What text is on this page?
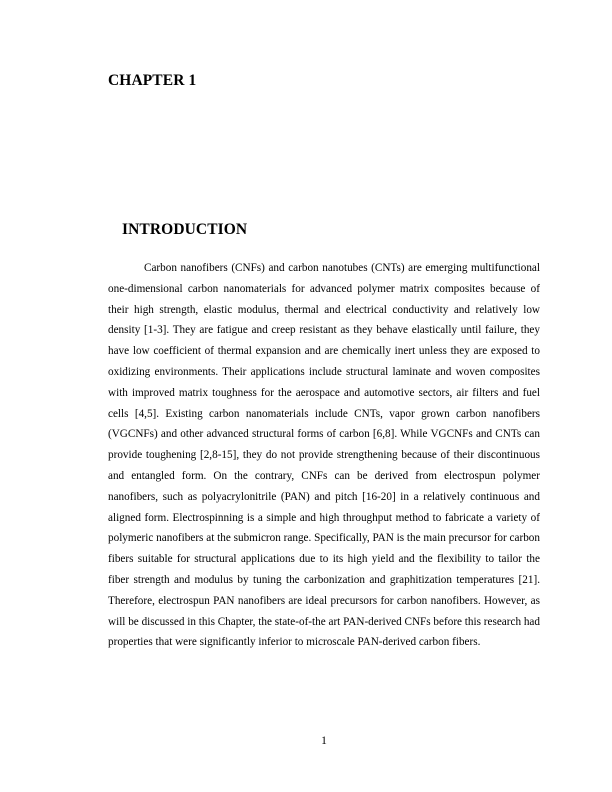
CHAPTER 1
INTRODUCTION

Carbon nanofibers (CNFs) and carbon nanotubes (CNTs) are emerging multifunctional one-dimensional carbon nanomaterials for advanced polymer matrix composites because of their high strength, elastic modulus, thermal and electrical conductivity and relatively low density [1-3]. They are fatigue and creep resistant as they behave elastically until failure, they have low coefficient of thermal expansion and are chemically inert unless they are exposed to oxidizing environments. Their applications include structural laminate and woven composites with improved matrix toughness for the aerospace and automotive sectors, air filters and fuel cells [4,5]. Existing carbon nanomaterials include CNTs, vapor grown carbon nanofibers (VGCNFs) and other advanced structural forms of carbon [6,8]. While VGCNFs and CNTs can provide toughening [2,8-15], they do not provide strengthening because of their discontinuous and entangled form. On the contrary, CNFs can be derived from electrospun polymer nanofibers, such as polyacrylonitrile (PAN) and pitch [16-20] in a relatively continuous and aligned form. Electrospinning is a simple and high throughput method to fabricate a variety of polymeric nanofibers at the submicron range. Specifically, PAN is the main precursor for carbon fibers suitable for structural applications due to its high yield and the flexibility to tailor the fiber strength and modulus by tuning the carbonization and graphitization temperatures [21]. Therefore, electrospun PAN nanofibers are ideal precursors for carbon nanofibers. However, as will be discussed in this Chapter, the state-of-the art PAN-derived CNFs before this research had properties that were significantly inferior to microscale PAN-derived carbon fibers.

1
